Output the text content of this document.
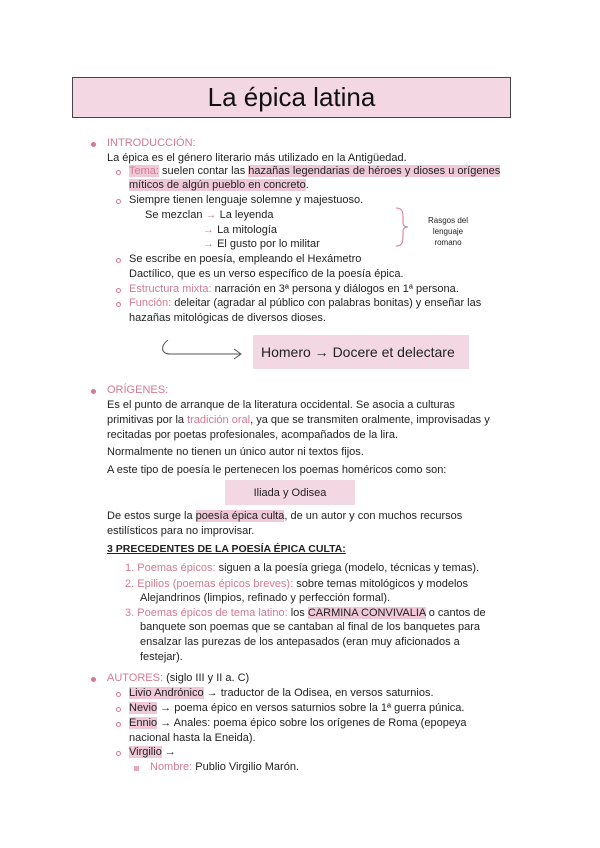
La épica latina
INTRODUCCIÓN:
La épica es el género literario más utilizado en la Antigüedad.
Tema: suelen contar las hazañas legendarias de héroes y dioses u orígenes
míticos de algún pueblo en concreto.
Siempre tienen lenguaje solemne y majestuoso.
Se mezclan → La leyenda
→ La mitología
→ El gusto por lo militar
Rasgos del
lenguaje
romano
Se escribe en poesía, empleando el Hexámetro
Dactílico, que es un verso específico de la poesía épica.
Estructura mixta: narración en 3ª persona y diálogos en 1ª persona.
Función: deleitar (agradar al público con palabras bonitas) y enseñar las
hazañas mitológicas de diversos dioses.
Homero → Docere et delectare
ORÍGENES:
Es el punto de arranque de la literatura occidental. Se asocia a culturas
primitivas por la tradición oral, ya que se transmiten oralmente, improvisadas y
recitadas por poetas profesionales, acompañados de la lira.
Normalmente no tienen un único autor ni textos fijos.
A este tipo de poesía le pertenecen los poemas homéricos como son:
Iliada y Odisea
De estos surge la poesía épica culta, de un autor y con muchos recursos
estilísticos para no improvisar.
3 PRECEDENTES DE LA POESÍA ÉPICA CULTA:
1. Poemas épicos: siguen a la poesía griega (modelo, técnicas y temas).
2. Epilios (poemas épicos breves): sobre temas mitológicos y modelos
Alejandrinos (limpios, refinado y perfección formal).
3. Poemas épicos de tema latino: los CARMINA CONVIVALIA o cantos de
banquete son poemas que se cantaban al final de los banquetes para
ensalzar las purezas de los antepasados (eran muy aficionados a
festejar).
AUTORES: (siglo III y II a. C)
Livio Andrónico → traductor de la Odisea, en versos saturnios.
Nevio → poema épico en versos saturnios sobre la 1ª guerra púnica.
Ennio → Anales: poema épico sobre los orígenes de Roma (epopeya
nacional hasta la Eneida).
Virgilio →
Nombre: Publio Virgilio Marón.
